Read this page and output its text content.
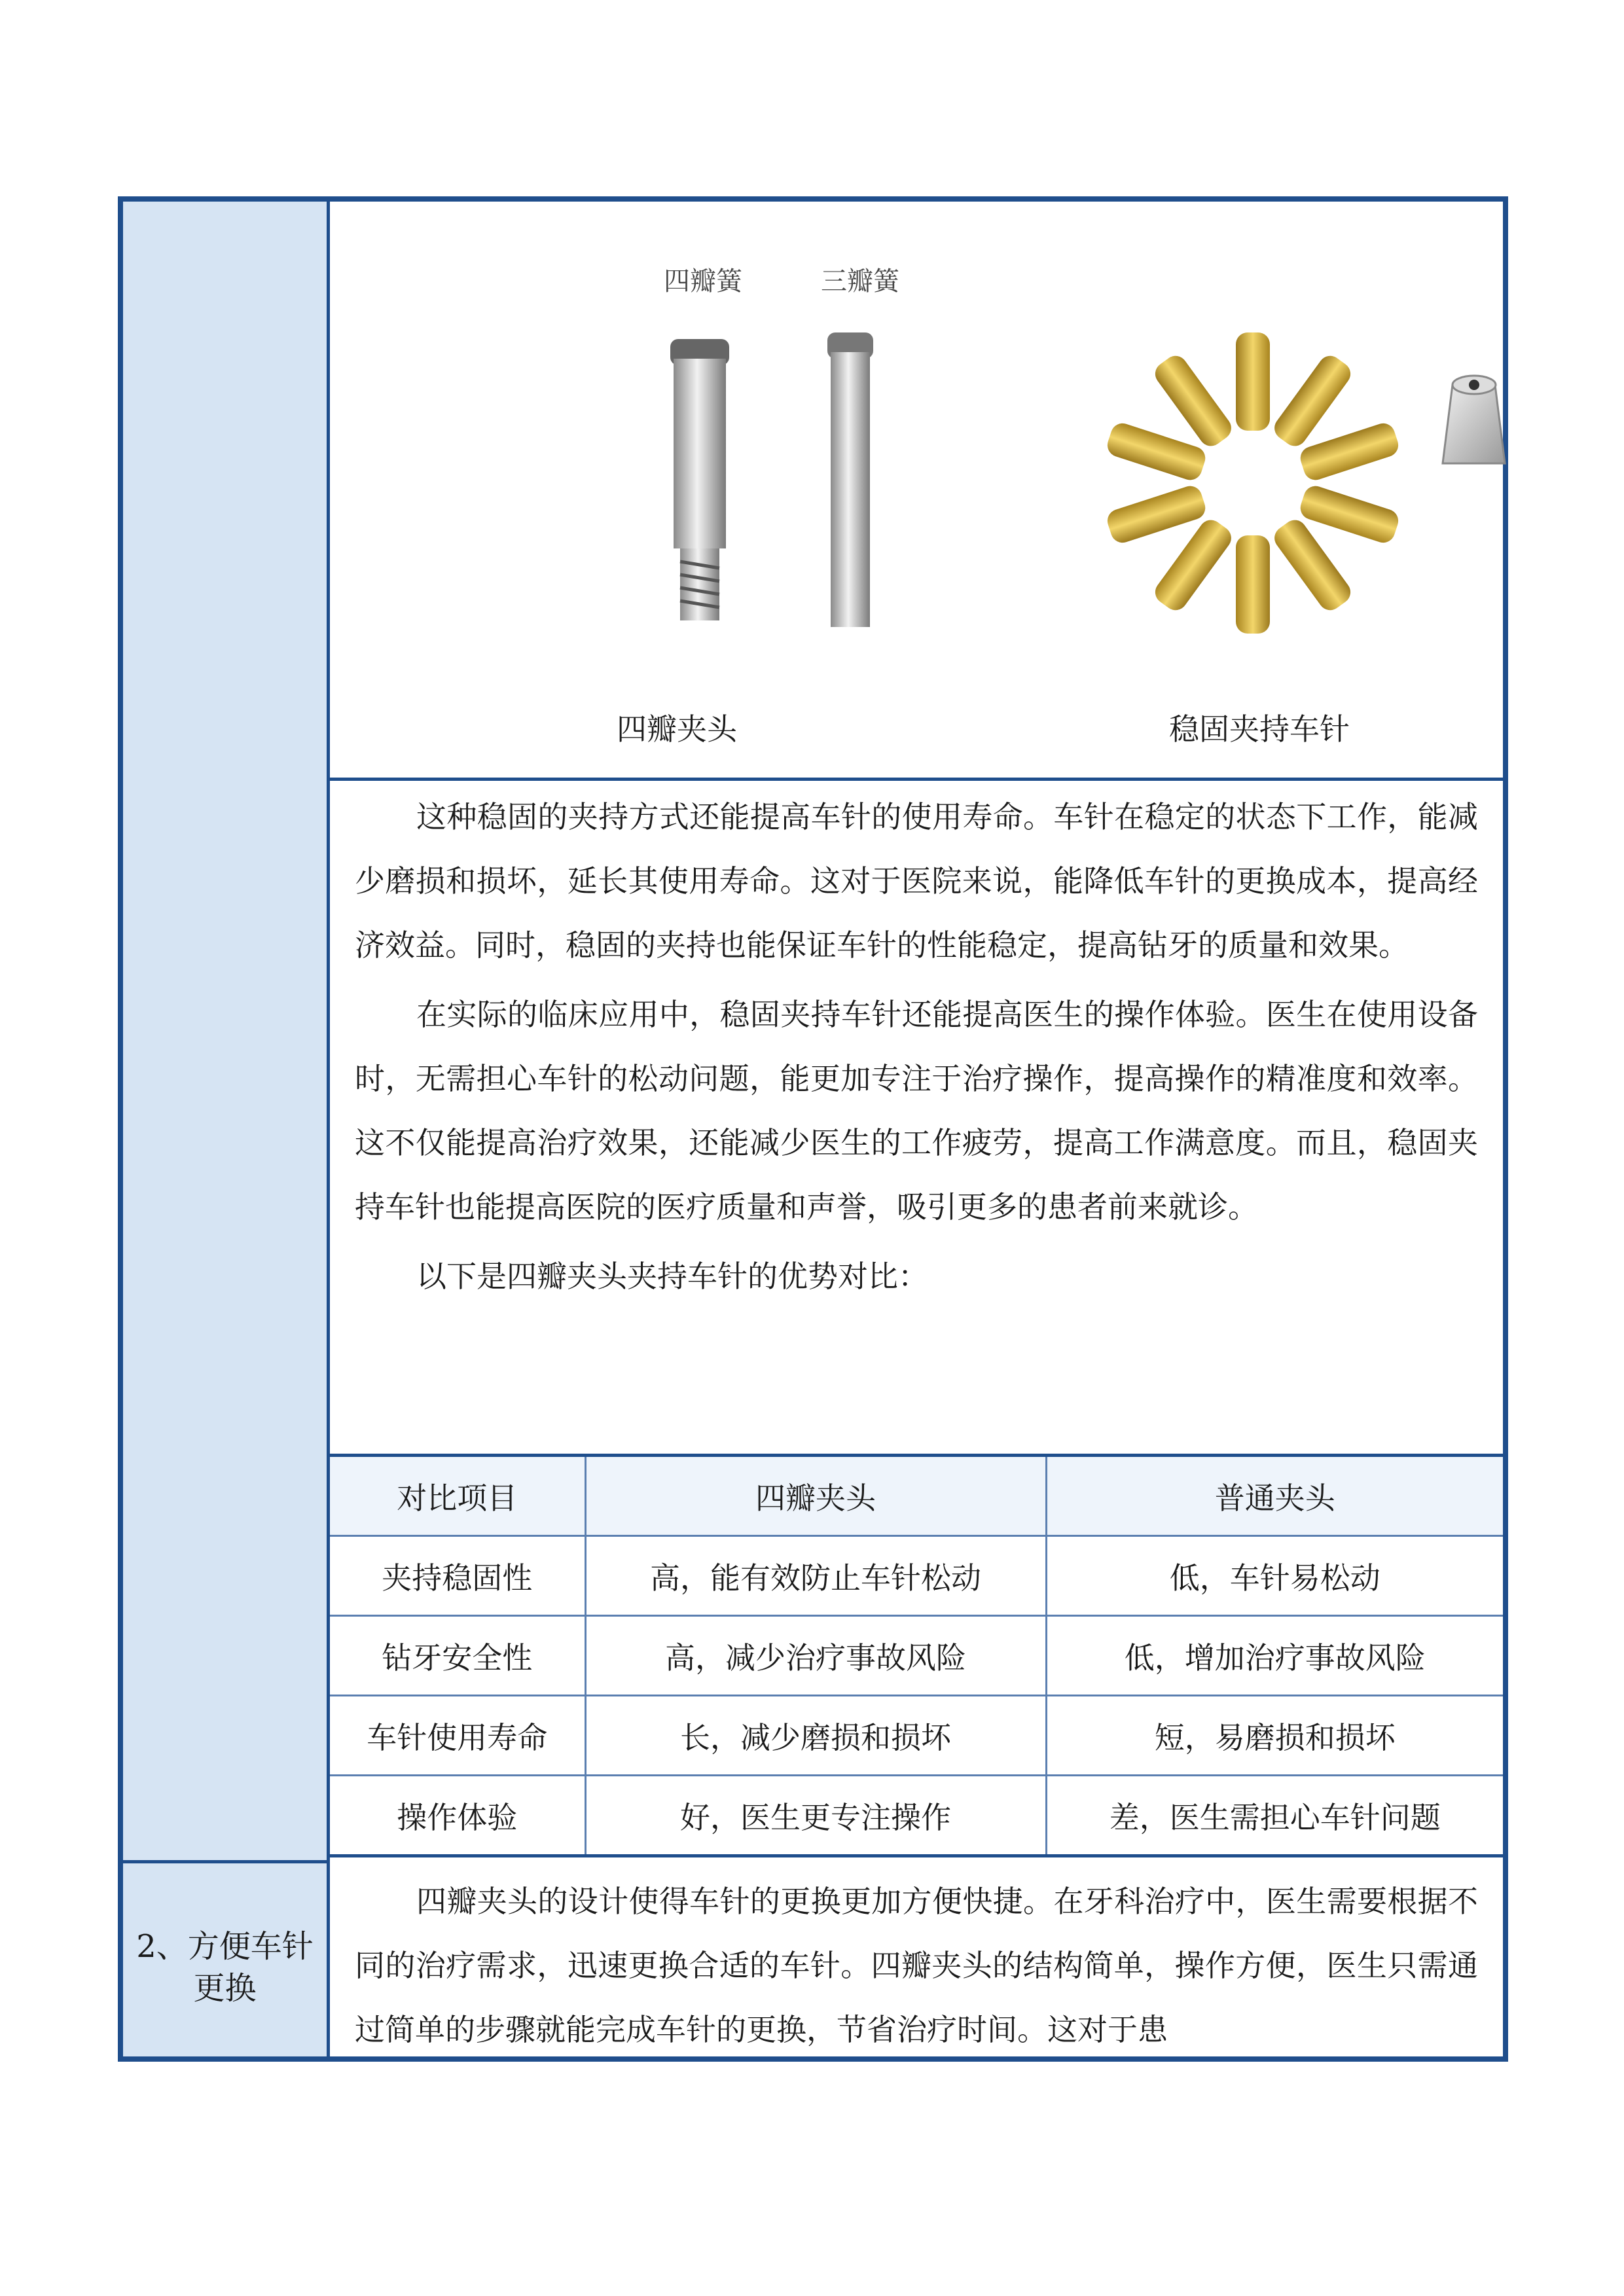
2、方便车针更换
四瓣簧	三瓣簧
四瓣夹头	稳固夹持车针

这种稳固的夹持方式还能提高车针的使用寿命。车针在稳定的状态下工作，能减少磨损和损坏，延长其使用寿命。这对于医院来说，能降低车针的更换成本，提高经济效益。同时，稳固的夹持也能保证车针的性能稳定，提高钻牙的质量和效果。

在实际的临床应用中，稳固夹持车针还能提高医生的操作体验。医生在使用设备时，无需担心车针的松动问题，能更加专注于治疗操作，提高操作的精准度和效率。这不仅能提高治疗效果，还能减少医生的工作疲劳，提高工作满意度。而且，稳固夹持车针也能提高医院的医疗质量和声誉，吸引更多的患者前来就诊。

以下是四瓣夹头夹持车针的优势对比：

对比项目	四瓣夹头	普通夹头
夹持稳固性	高，能有效防止车针松动	低，车针易松动
钻牙安全性	高，减少治疗事故风险	低，增加治疗事故风险
车针使用寿命	长，减少磨损和损坏	短，易磨损和损坏
操作体验	好，医生更专注操作	差，医生需担心车针问题

四瓣夹头的设计使得车针的更换更加方便快捷。在牙科治疗中，医生需要根据不同的治疗需求，迅速更换合适的车针。四瓣夹头的结构简单，操作方便，医生只需通过简单的步骤就能完成车针的更换，节省治疗时间。这对于患
